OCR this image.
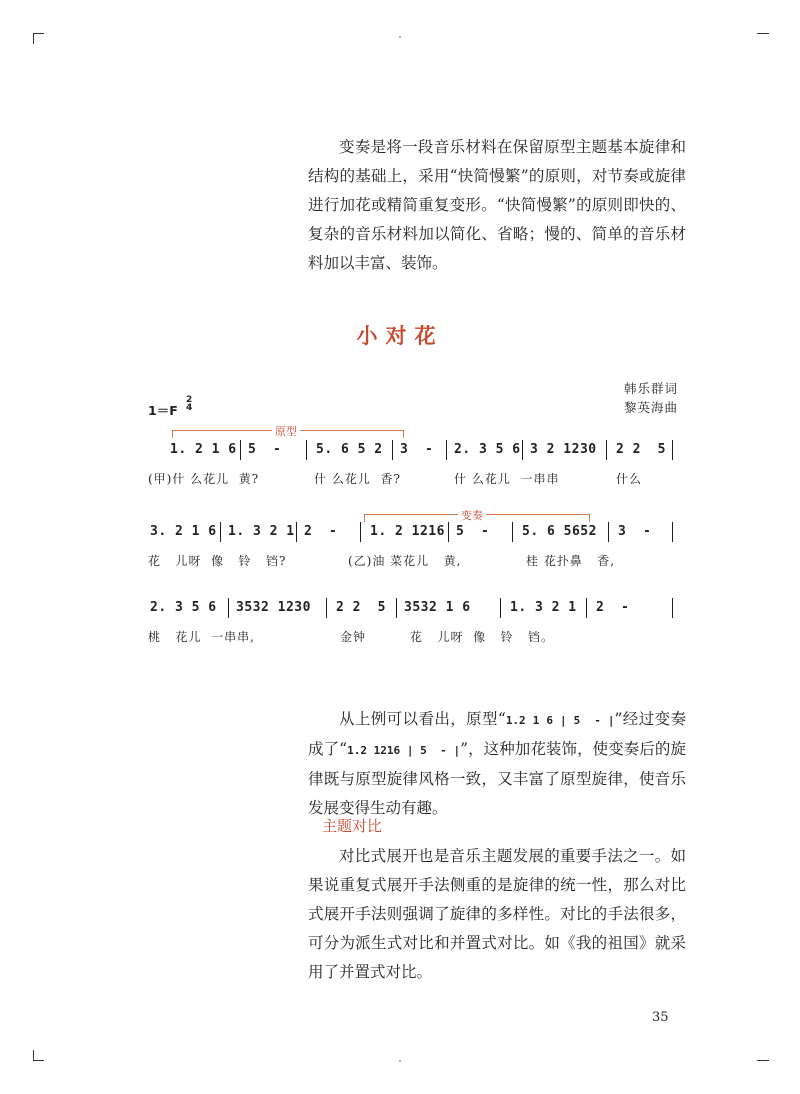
变奏是将一段音乐材料在保留原型主题基本旋律和结构的基础上，采用“快简慢繁”的原则，对节奏或旋律进行加花或精简重复变形。“快简慢繁”的原则即快的、复杂的音乐材料加以简化、省略；慢的、简单的音乐材料加以丰富、装饰。

小对花
韩乐群词
黎英海曲
1＝F
2
4
原型
变奏
1. 2 1 6 5  -	5. 6 5 2 3  - 2. 3 5 6 3 2 1230 2 2  5
(甲)什 么花儿  黄?	什 么花儿  香?	什 么花儿  一串串	什么
3. 2 1 6 1. 3 2 1 2  -	1. 2 1216 5  -	5. 6 5652 3  -
花   儿呀  像   铃   铛?	(乙)油 菜花儿   黄,	桂 花扑鼻   香,
2. 3 5 6 3532 1230 2 2  5 3532 1 6	1. 3 2 1 2  -
桃   花儿  一串串,	金钟	花   儿呀  像   铃   铛。

从上例可以看出，原型“1.2 1 6 | 5  - |”经过变奏成了“1.2 1216 | 5  - |”，这种加花装饰，使变奏后的旋律既与原型旋律风格一致，又丰富了原型旋律，使音乐发展变得生动有趣。

主题对比

对比式展开也是音乐主题发展的重要手法之一。如果说重复式展开手法侧重的是旋律的统一性，那么对比式展开手法则强调了旋律的多样性。对比的手法很多，可分为派生式对比和并置式对比。如《我的祖国》就采用了并置式对比。

35
